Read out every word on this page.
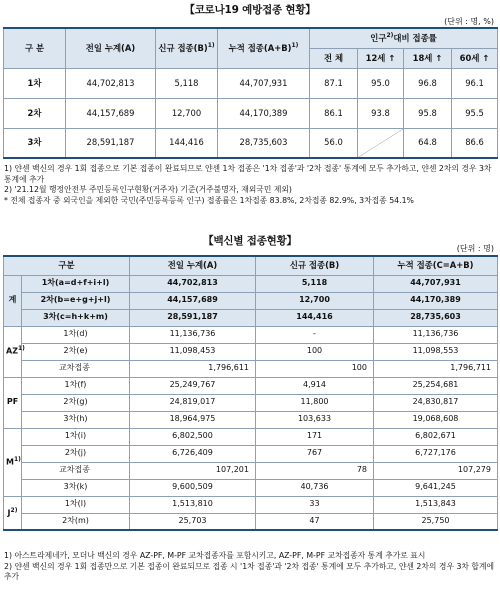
【코로나19 예방접종 현황】
(단위 : 명, %)
구 분	전일 누계(A)	신규 접종$(B)^{1)}$	누적 접종$(A+B)^{1)}$	인구$^{2)}$대비 접종률			
				전 체	12세 ↑	18세 ↑	60세 ↑
1차	44,702,813	5,118	44,707,931	87.1	95.0	96.8	96.1
2차	44,157,689	12,700	44,170,389	86.1	93.8	95.8	95.5
3차	28,591,187	144,416	28,735,603	56.0		64.8	86.6

1) 얀센 백신의 경우 1회 접종으로 기본 접종이 완료되므로 얀센 1차 접종은 '1차 접종'과 '2차 접종' 통계에 모두 추가하고, 얀센 2차의 경우 3차 통계에 추가

2) '21.12월 행정안전부 주민등록인구현황(거주자) 기준(거주불명자, 재외국민 제외)

* 전체 접종자 중 외국인을 제외한 국민(주민등록등록 인구) 접종률은 1차접종 83.8%, 2차접종 82.9%, 3차접종 54.1%

【백신별 접종현황】
(단위 : 명)
구분		전일 누계(A)	신규 접종(B)	누적 접종(C=A+B)
계	1차(a=d+f+i+l)	44,702,813	5,118	44,707,931
	2차(b=e+g+j+l)	44,157,689	12,700	44,170,389
	3차(c=h+k+m)	28,591,187	144,416	28,735,603
AZ$^{1)}$	1차(d)	11,136,736	-	11,136,736
	2차(e)	11,098,453	100	11,098,553
	교차접종	1,796,611	100	1,796,711
PF	1차(f)	25,249,767	4,914	25,254,681
	2차(g)	24,819,017	11,800	24,830,817
	3차(h)	18,964,975	103,633	19,068,608
$M^{1)}$	1차(i)	6,802,500	171	6,802,671
	2차(j)	6,726,409	767	6,727,176
	교차접종	107,201	78	107,279
	3차(k)	9,600,509	40,736	9,641,245
$J^{2)}$	1차(l)	1,513,810	33	1,513,843
	2차(m)	25,703	47	25,750

1) 아스트라제네카, 모더나 백신의 경우 AZ-PF, M-PF 교차접종자를 포함시키고, AZ-PF, M-PF 교차접종자 통계 추가로 표시

2) 얀센 백신의 경우 1회 접종만으로 기본 접종이 완료되므로 접종 시 '1차 접종'과 '2차 접종' 통계에 모두 추가하고, 얀센 2차의 경우 3차 합계에 추가
